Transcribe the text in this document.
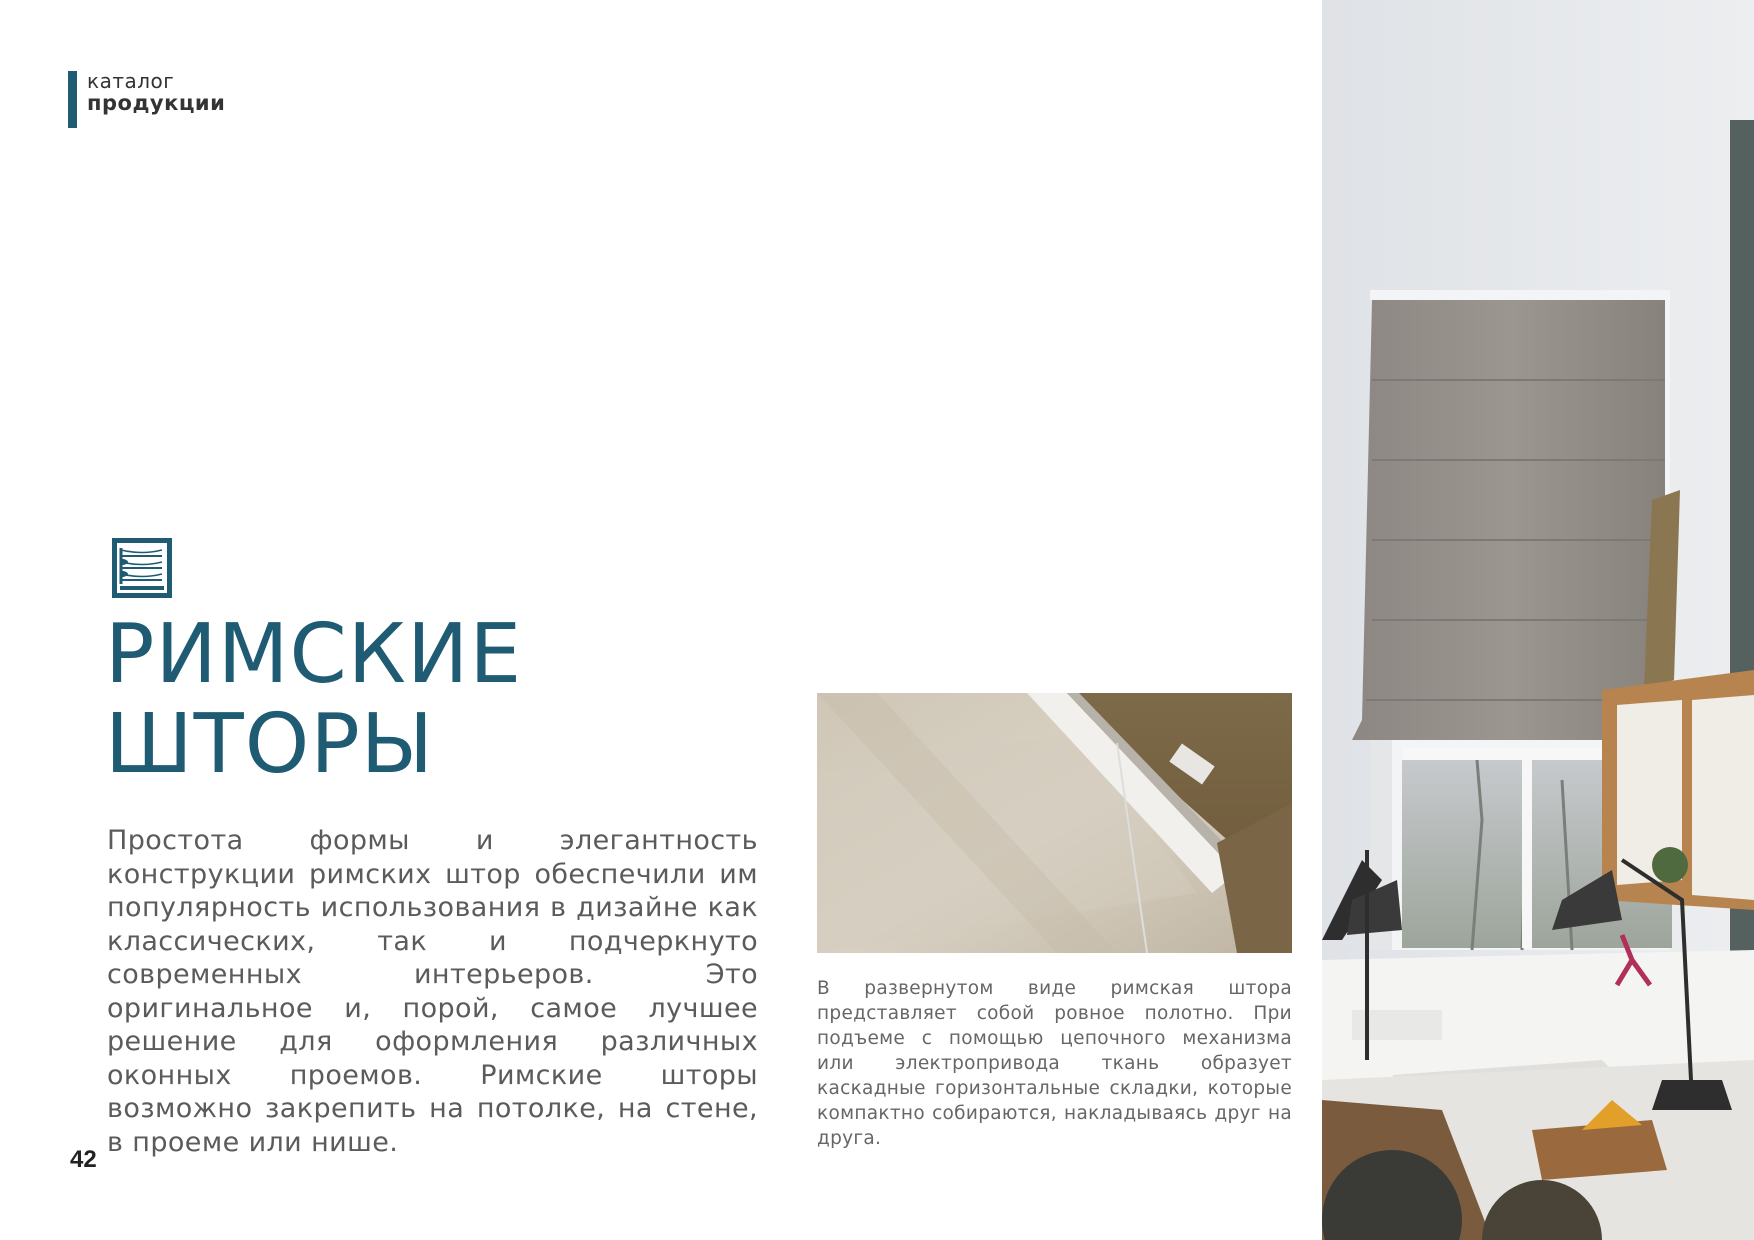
каталог
продукции
РИМСКИЕ
ШТОРЫ
Простота формы и элегантность конструкции римских штор обеспечили им популярность использования в дизайне как классических, так и подчеркнуто современных интерьеров. Это оригинальное и, порой, самое лучшее решение для оформления различных оконных проемов. Римские шторы возможно закрепить на потолке, на стене, в проеме или нише.
42
В развернутом виде римская штора представляет собой ровное полотно. При подъеме с помощью цепочного механизма или электропривода ткань образует каскадные горизонтальные складки, которые компактно собираются, накладываясь друг на друга.
